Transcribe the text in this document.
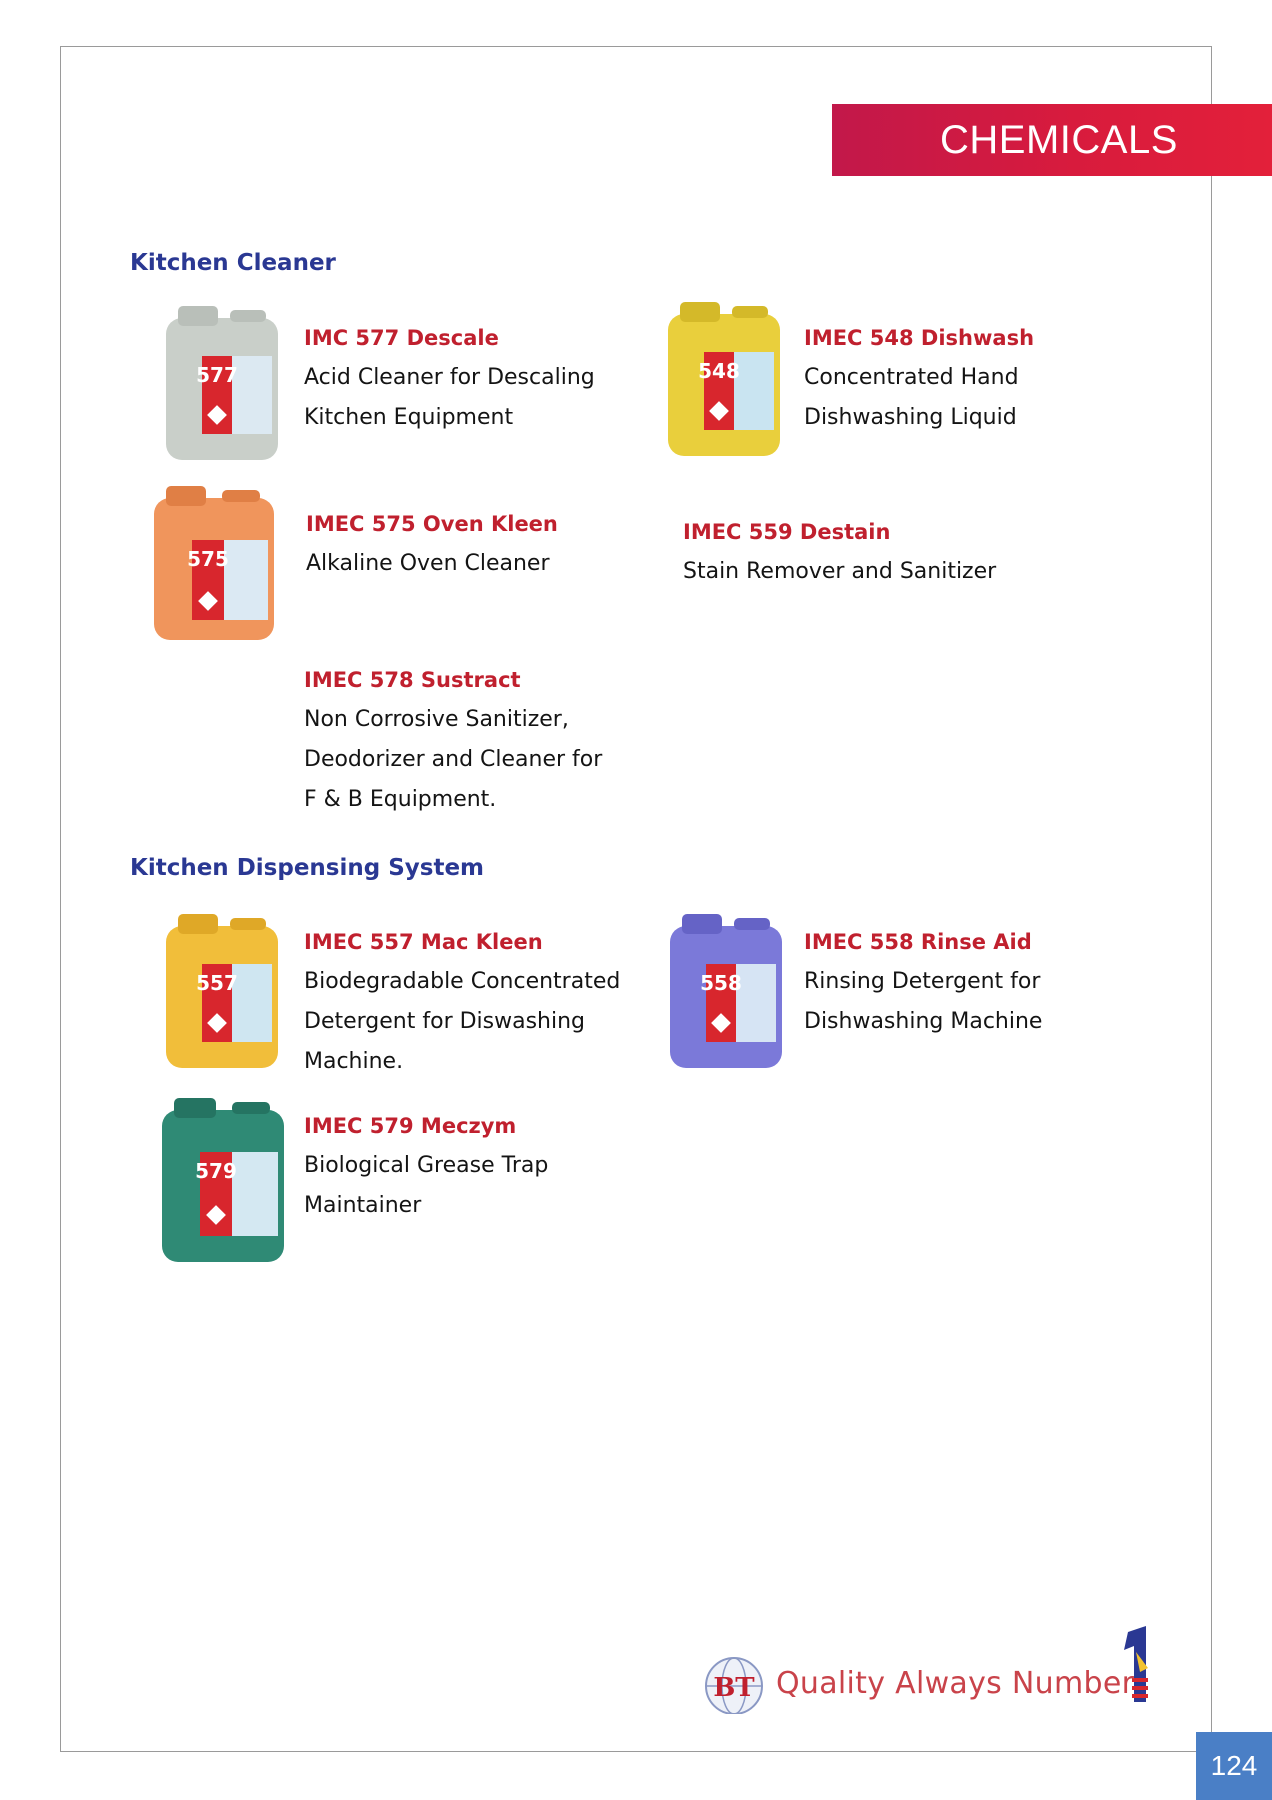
CHEMICALS
Kitchen Cleaner
Kitchen Dispensing System
577	548
575
557	558
579
IMC 577 Descale
Acid Cleaner for Descaling
Kitchen Equipment
IMEC 548 Dishwash
Concentrated Hand
Dishwashing Liquid
IMEC 575 Oven Kleen
Alkaline Oven Cleaner
IMEC 559 Destain
Stain Remover and Sanitizer
IMEC 578 Sustract
Non Corrosive Sanitizer,
Deodorizer and Cleaner for
F & B Equipment.
IMEC 557 Mac Kleen
Biodegradable Concentrated
Detergent for Diswashing
Machine.
IMEC 558 Rinse Aid
Rinsing Detergent for
Dishwashing Machine
IMEC 579 Meczym
Biological Grease Trap
Maintainer
BT Quality Always Number
124
